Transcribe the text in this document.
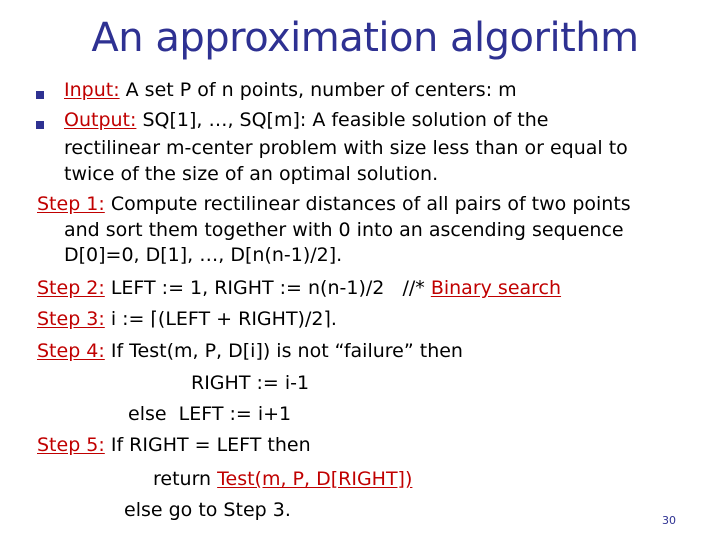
An approximation algorithm
Input: A set P of n points, number of centers: m
Output: SQ[1], …, SQ[m]: A feasible solution of the
rectilinear m-center problem with size less than or equal to
twice of the size of an optimal solution.
Step 1: Compute rectilinear distances of all pairs of two points
and sort them together with 0 into an ascending sequence
D[0]=0, D[1], …, D[n(n-1)/2].
Step 2: LEFT := 1, RIGHT := n(n-1)/2   //* Binary search
Step 3: i := ⌈(LEFT + RIGHT)/2⌉.
Step 4: If Test(m, P, D[i]) is not “failure” then
RIGHT := i-1
else  LEFT := i+1
Step 5: If RIGHT = LEFT then
return Test(m, P, D[RIGHT])
else go to Step 3.	30
